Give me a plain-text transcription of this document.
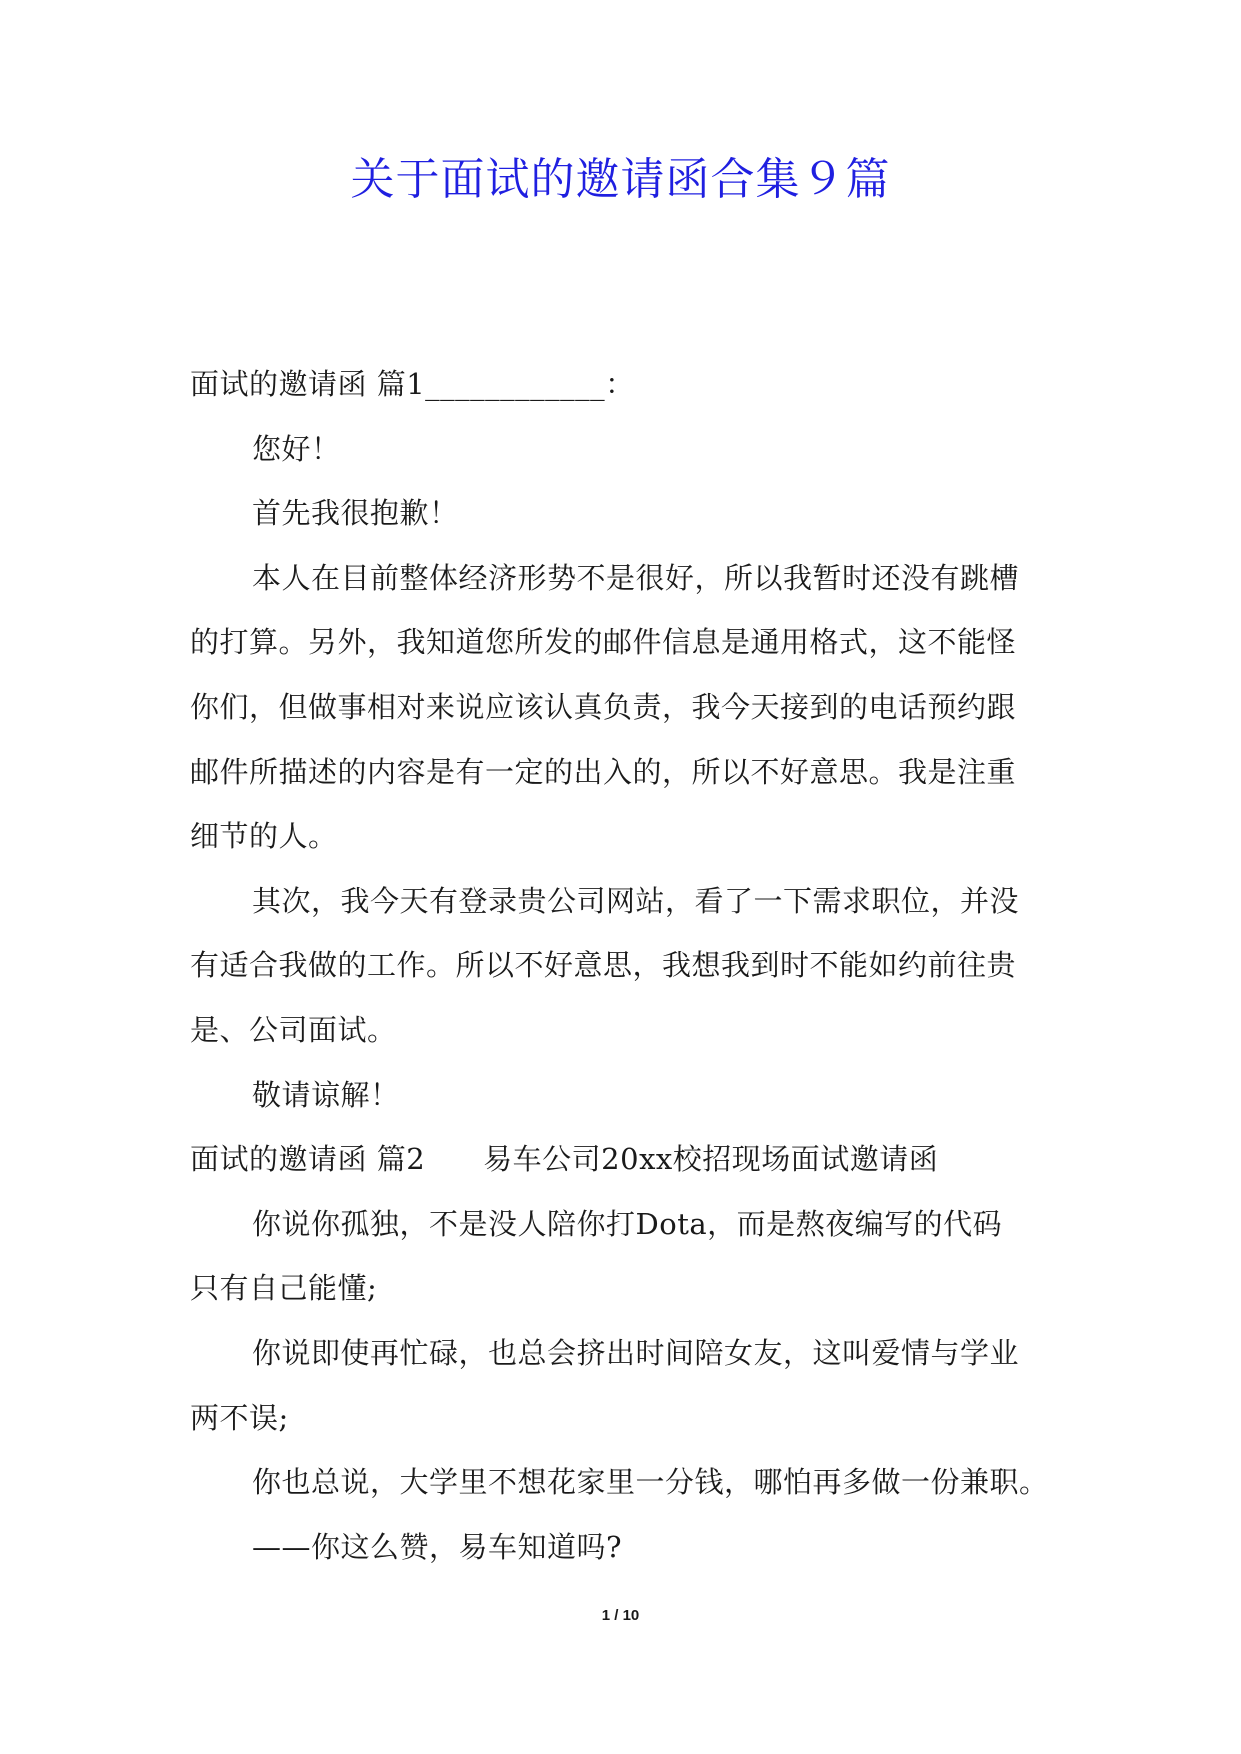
关于面试的邀请函合集９篇

面试的邀请函 篇1____________：

您好！

首先我很抱歉！

本人在目前整体经济形势不是很好，所以我暂时还没有跳槽

的打算。另外，我知道您所发的邮件信息是通用格式，这不能怪

你们，但做事相对来说应该认真负责，我今天接到的电话预约跟

邮件所描述的内容是有一定的出入的，所以不好意思。我是注重

细节的人。

其次，我今天有登录贵公司网站，看了一下需求职位，并没

有适合我做的工作。所以不好意思，我想我到时不能如约前往贵

是、公司面试。

敬请谅解！

面试的邀请函 篇2 易车公司20xx校招现场面试邀请函

你说你孤独，不是没人陪你打Dota，而是熬夜编写的代码

只有自己能懂;

你说即使再忙碌，也总会挤出时间陪女友，这叫爱情与学业

两不误;

你也总说，大学里不想花家里一分钱，哪怕再多做一份兼职。

——你这么赞，易车知道吗?

1 / 10
